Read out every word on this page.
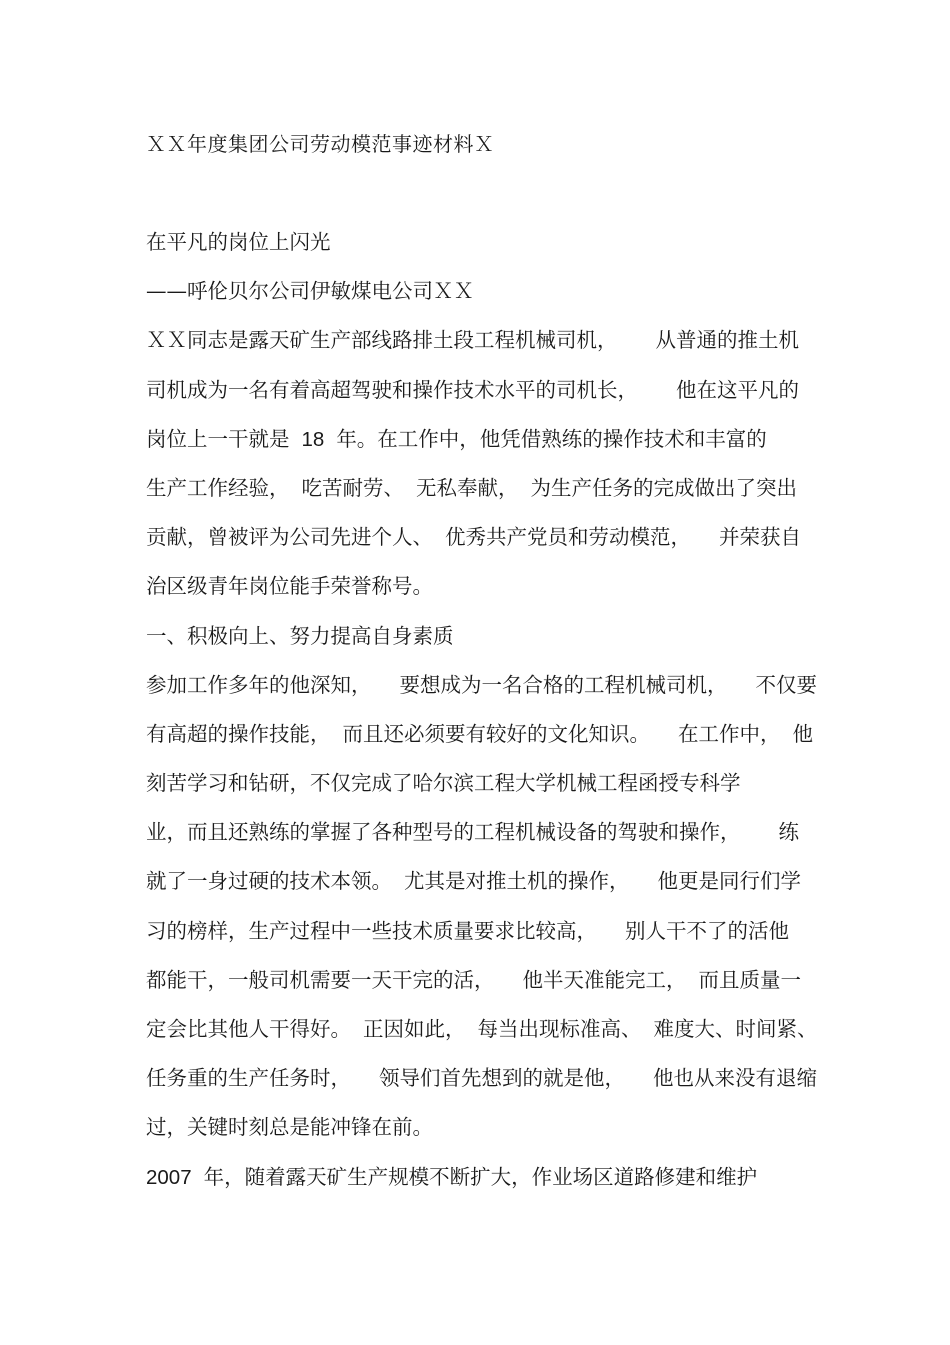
ＸＸ年度集团公司劳动模范事迹材料Ｘ
在平凡的岗位上闪光
——呼伦贝尔公司伊敏煤电公司ＸＸ
ＸＸ同志是露天矿生产部线路排土段工程机械司机， 从普通的推土机
司机成为一名有着高超驾驶和操作技术水平的司机长， 他在这平凡的
岗位上一干就是 18 年。在工作中，他凭借熟练的操作技术和丰富的
生产工作经验， 吃苦耐劳、 无私奉献， 为生产任务的完成做出了突出
贡献，曾被评为公司先进个人、 优秀共产党员和劳动模范， 并荣获自
治区级青年岗位能手荣誉称号。
一、积极向上、努力提高自身素质
参加工作多年的他深知， 要想成为一名合格的工程机械司机， 不仅要
有高超的操作技能， 而且还必须要有较好的文化知识。 在工作中， 他
刻苦学习和钻研，不仅完成了哈尔滨工程大学机械工程函授专科学
业，而且还熟练的掌握了各种型号的工程机械设备的驾驶和操作， 练
就了一身过硬的技术本领。 尤其是对推土机的操作， 他更是同行们学
习的榜样，生产过程中一些技术质量要求比较高， 别人干不了的活他
都能干，一般司机需要一天干完的活， 他半天准能完工， 而且质量一
定会比其他人干得好。 正因如此， 每当出现标准高、 难度大、时间紧、
任务重的生产任务时， 领导们首先想到的就是他， 他也从来没有退缩
过，关键时刻总是能冲锋在前。
2007 年，随着露天矿生产规模不断扩大，作业场区道路修建和维护
